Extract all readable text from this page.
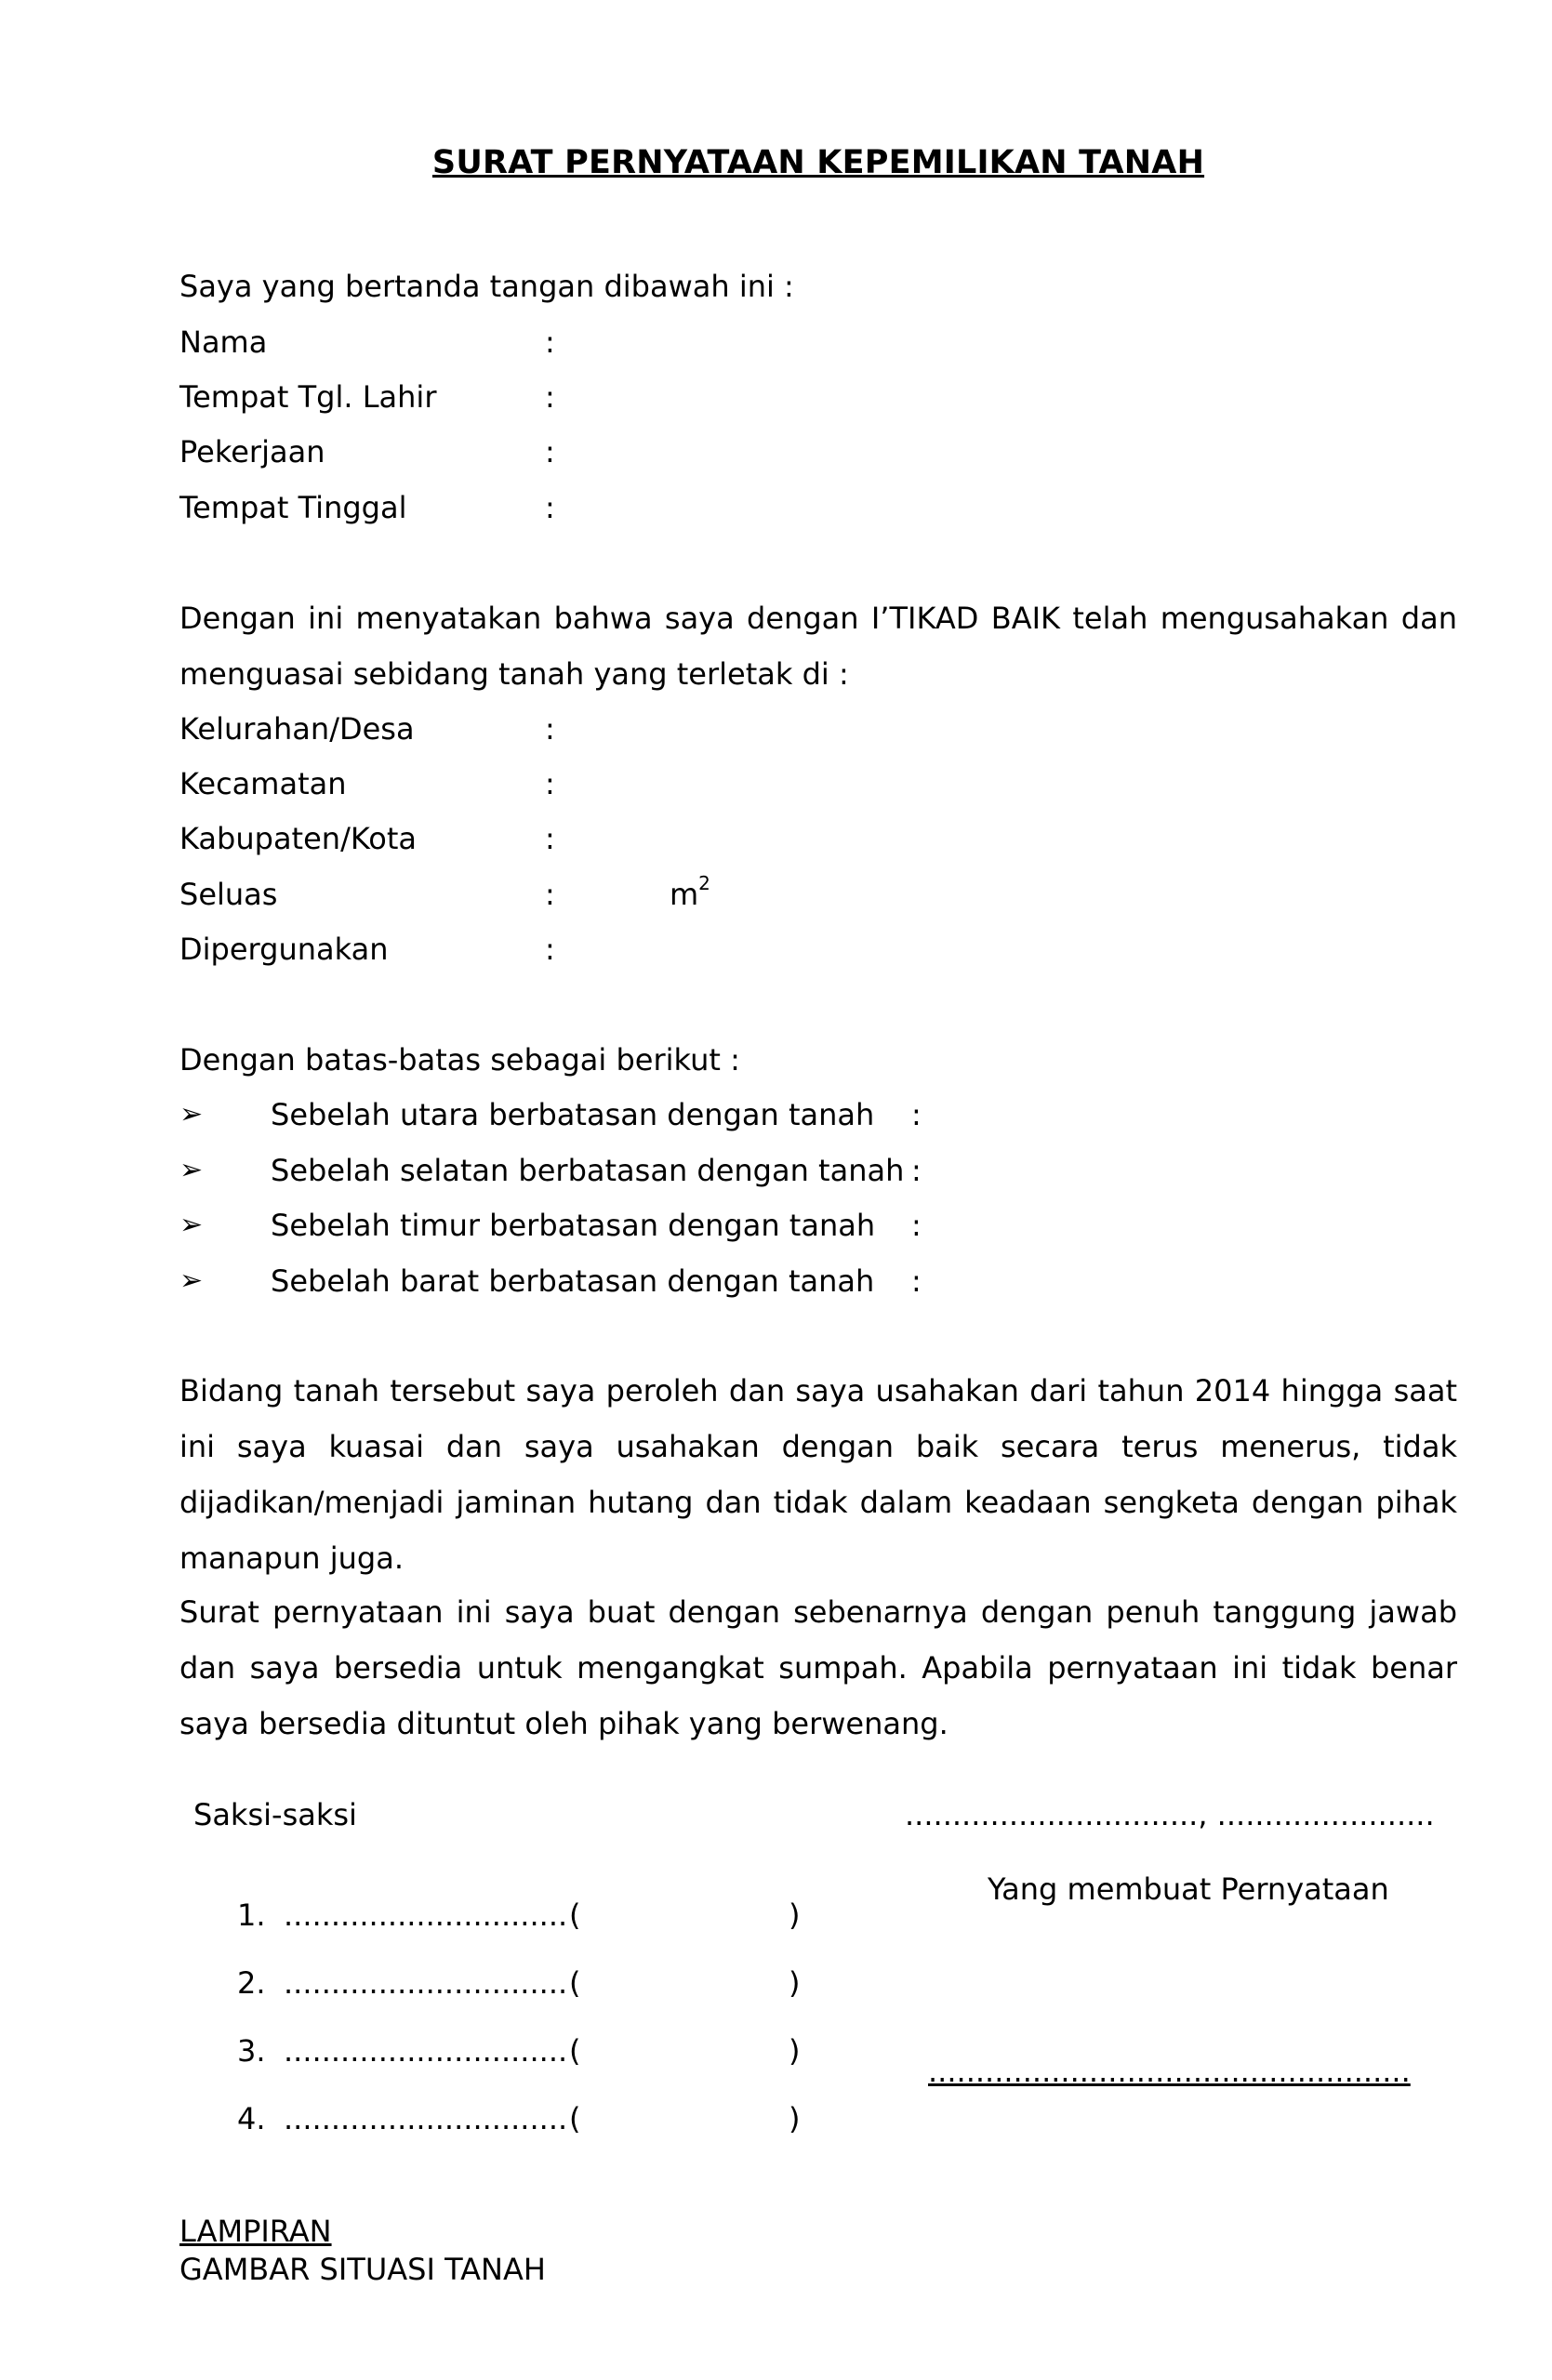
SURAT PERNYATAAN KEPEMILIKAN TANAH
Saya yang bertanda tangan dibawah ini :
Nama	:
Tempat Tgl. Lahir	:
Pekerjaan	:
Tempat Tinggal	:
Dengan ini menyatakan bahwa saya dengan I’TIKAD BAIK telah mengusahakan dan menguasai sebidang tanah yang terletak di :
Kelurahan/Desa	:
Kecamatan	:
Kabupaten/Kota	:
Seluas	:	$m^2$
Dipergunakan	:
Dengan batas-batas sebagai berikut :
➢ Sebelah utara berbatasan dengan tanah :
➢ Sebelah selatan berbatasan dengan tanah :
➢ Sebelah timur berbatasan dengan tanah :
➢ Sebelah barat berbatasan dengan tanah :
Bidang tanah tersebut saya peroleh dan saya usahakan dari tahun 2014 hingga saat ini saya kuasai dan saya usahakan dengan baik secara terus menerus, tidak dijadikan/menjadi jaminan hutang dan tidak dalam keadaan sengketa dengan pihak manapun juga.
Surat pernyataan ini saya buat dengan sebenarnya dengan penuh tanggung jawab dan saya bersedia untuk mengangkat sumpah. Apabila pernyataan ini tidak benar saya bersedia dituntut oleh pihak yang berwenang.
Saksi-saksi
1. .............................. (	)
2. .............................. (	)
3. .............................. (	)
4. .............................. (	)
..............................., .......................
Yang membuat Pernyataan
...................................................
LAMPIRAN
GAMBAR SITUASI TANAH
